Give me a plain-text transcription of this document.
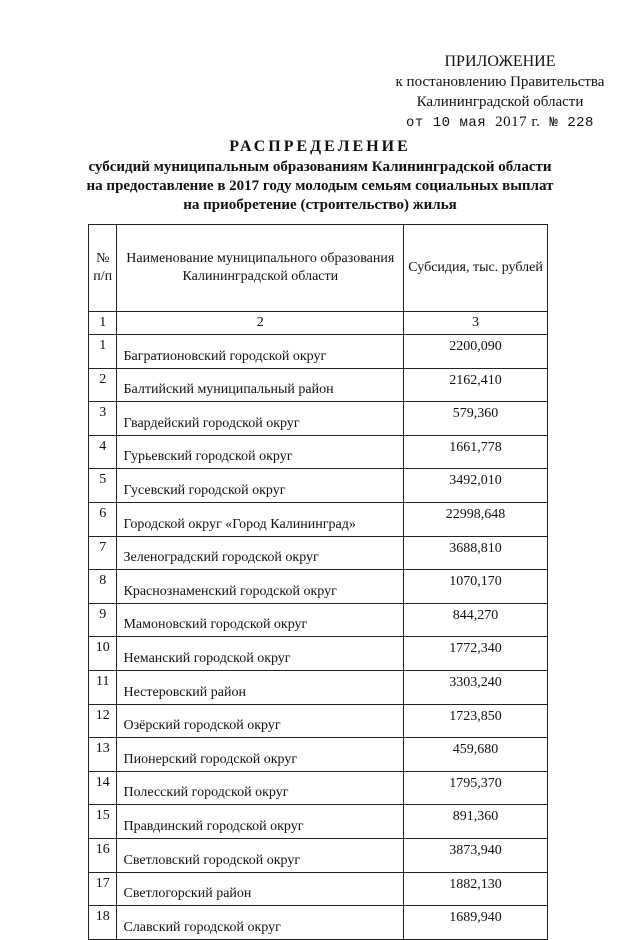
ПРИЛОЖЕНИЕ
к постановлению Правительства
Калининградской области
от 10 мая 2017 г. № 228
РАСПРЕДЕЛЕНИЕ
субсидий муниципальным образованиям Калининградской области
на предоставление в 2017 году молодым семьям социальных выплат
на приобретение (строительство) жилья
№ п/п	Наименование муниципального образования Калининградской области	Субсидия, тыс. рублей
1	2	3
1	Багратионовский городской округ	2200,090
2	Балтийский муниципальный район	2162,410
3	Гвардейский городской округ	579,360
4	Гурьевский городской округ	1661,778
5	Гусевский городской округ	3492,010
6	Городской округ «Город Калининград»	22998,648
7	Зеленоградский городской округ	3688,810
8	Краснознаменский городской округ	1070,170
9	Мамоновский городской округ	844,270
10	Неманский городской округ	1772,340
11	Нестеровский район	3303,240
12	Озёрский городской округ	1723,850
13	Пионерский городской округ	459,680
14	Полесский городской округ	1795,370
15	Правдинский городской округ	891,360
16	Светловский городской округ	3873,940
17	Светлогорский район	1882,130
18	Славский городской округ	1689,940
